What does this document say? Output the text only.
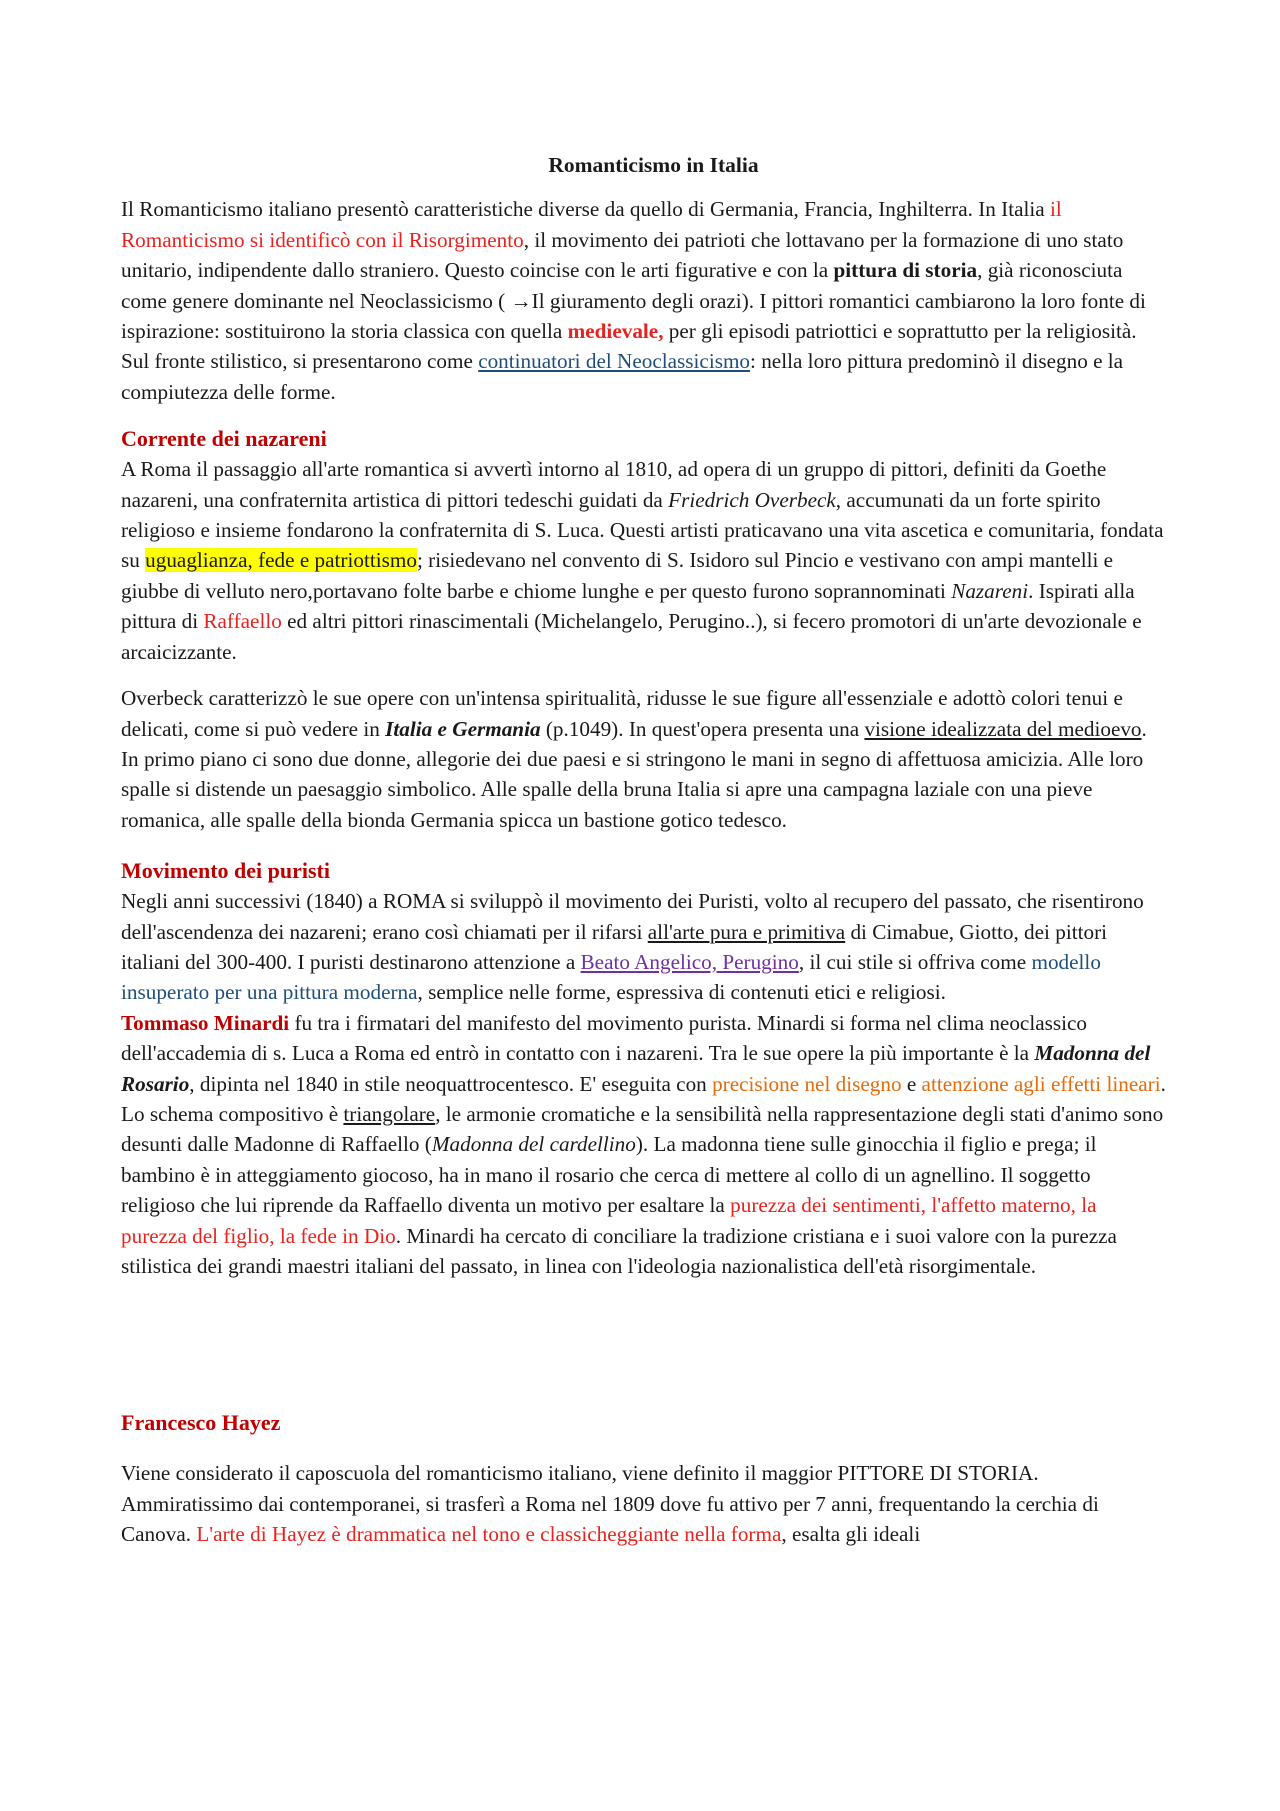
Romanticismo in Italia

Il Romanticismo italiano presentò caratteristiche diverse da quello di Germania, Francia, Inghilterra. In Italia il Romanticismo si identificò con il Risorgimento, il movimento dei patrioti che lottavano per la formazione di uno stato unitario, indipendente dallo straniero. Questo coincise con le arti figurative e con la pittura di storia, già riconosciuta come genere dominante nel Neoclassicismo ( →Il giuramento degli orazi). I pittori romantici cambiarono la loro fonte di ispirazione: sostituirono la storia classica con quella medievale, per gli episodi patriottici e soprattutto per la religiosità. Sul fronte stilistico, si presentarono come continuatori del Neoclassicismo: nella loro pittura predominò il disegno e la compiutezza delle forme.

Corrente dei nazareni

A Roma il passaggio all'arte romantica si avvertì intorno al 1810, ad opera di un gruppo di pittori, definiti da Goethe nazareni, una confraternita artistica di pittori tedeschi guidati da Friedrich Overbeck, accumunati da un forte spirito religioso e insieme fondarono la confraternita di S. Luca. Questi artisti praticavano una vita ascetica e comunitaria, fondata su uguaglianza, fede e patriottismo; risiedevano nel convento di S. Isidoro sul Pincio e vestivano con ampi mantelli e giubbe di velluto nero,portavano folte barbe e chiome lunghe e per questo furono soprannominati Nazareni. Ispirati alla pittura di Raffaello ed altri pittori rinascimentali (Michelangelo, Perugino..), si fecero promotori di un'arte devozionale e arcaicizzante.

Overbeck caratterizzò le sue opere con un'intensa spiritualità, ridusse le sue figure all'essenziale e adottò colori tenui e delicati, come si può vedere in Italia e Germania (p.1049). In quest'opera presenta una visione idealizzata del medioevo. In primo piano ci sono due donne, allegorie dei due paesi e si stringono le mani in segno di affettuosa amicizia. Alle loro spalle si distende un paesaggio simbolico. Alle spalle della bruna Italia si apre una campagna laziale con una pieve romanica, alle spalle della bionda Germania spicca un bastione gotico tedesco.

Movimento dei puristi

Negli anni successivi (1840) a ROMA si sviluppò il movimento dei Puristi, volto al recupero del passato, che risentirono dell'ascendenza dei nazareni; erano così chiamati per il rifarsi all'arte pura e primitiva di Cimabue, Giotto, dei pittori italiani del 300-400. I puristi destinarono attenzione a Beato Angelico, Perugino, il cui stile si offriva come modello insuperato per una pittura moderna, semplice nelle forme, espressiva di contenuti etici e religiosi.

Tommaso Minardi fu tra i firmatari del manifesto del movimento purista. Minardi si forma nel clima neoclassico dell'accademia di s. Luca a Roma ed entrò in contatto con i nazareni. Tra le sue opere la più importante è la Madonna del Rosario, dipinta nel 1840 in stile neoquattrocentesco. E' eseguita con precisione nel disegno e attenzione agli effetti lineari. Lo schema compositivo è triangolare, le armonie cromatiche e la sensibilità nella rappresentazione degli stati d'animo sono desunti dalle Madonne di Raffaello (Madonna del cardellino). La madonna tiene sulle ginocchia il figlio e prega; il bambino è in atteggiamento giocoso, ha in mano il rosario che cerca di mettere al collo di un agnellino. Il soggetto religioso che lui riprende da Raffaello diventa un motivo per esaltare la purezza dei sentimenti, l'affetto materno, la purezza del figlio, la fede in Dio. Minardi ha cercato di conciliare la tradizione cristiana e i suoi valore con la purezza stilistica dei grandi maestri italiani del passato, in linea con l'ideologia nazionalistica dell'età risorgimentale.

Francesco Hayez

Viene considerato il caposcuola del romanticismo italiano, viene definito il maggior PITTORE DI STORIA. Ammiratissimo dai contemporanei, si trasferì a Roma nel 1809 dove fu attivo per 7 anni, frequentando la cerchia di Canova. L'arte di Hayez è drammatica nel tono e classicheggiante nella forma, esalta gli ideali
